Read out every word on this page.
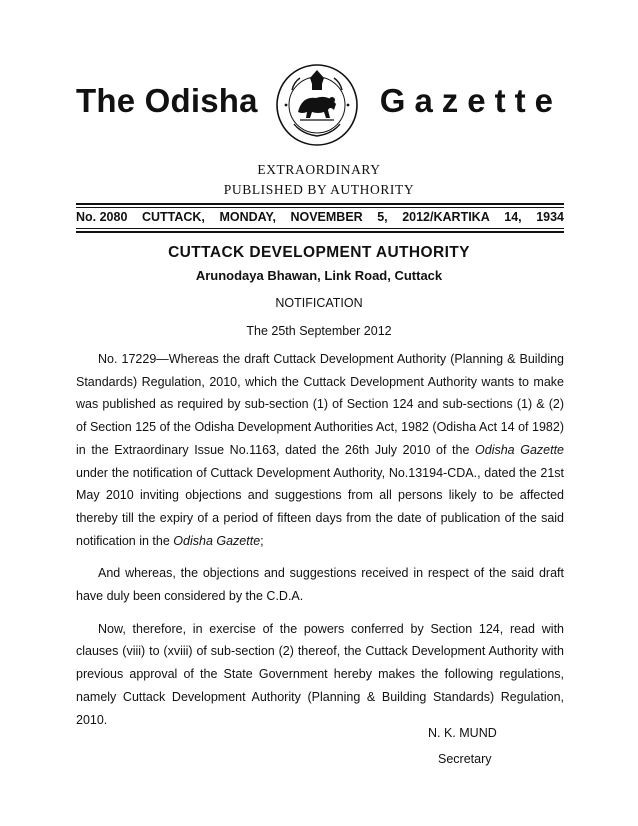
The Odisha	Gazette
EXTRAORDINARY
PUBLISHED BY AUTHORITY
No. 2080 CUTTACK, MONDAY, NOVEMBER 5, 2012/KARTIKA 14, 1934
CUTTACK DEVELOPMENT AUTHORITY
Arunodaya Bhawan, Link Road, Cuttack
NOTIFICATION
The 25th September 2012

No. 17229—Whereas the draft Cuttack Development Authority (Planning & Building Standards) Regulation, 2010, which the Cuttack Development Authority wants to make was published as required by sub-section (1) of Section 124 and sub-sections (1) & (2) of Section 125 of the Odisha Development Authorities Act, 1982 (Odisha Act 14 of 1982) in the Extraordinary Issue No.1163, dated the 26th July 2010 of the Odisha Gazette under the notification of Cuttack Development Authority, No.13194-CDA., dated the 21st May 2010 inviting objections and suggestions from all persons likely to be affected thereby till the expiry of a period of fifteen days from the date of publication of the said notification in the Odisha Gazette;

And whereas, the objections and suggestions received in respect of the said draft have duly been considered by the C.D.A.

Now, therefore, in exercise of the powers conferred by Section 124, read with clauses (viii) to (xviii) of sub-section (2) thereof, the Cuttack Development Authority with previous approval of the State Government hereby makes the following regulations, namely Cuttack Development Authority (Planning & Building Standards) Regulation, 2010.

N. K. MUND
Secretary
